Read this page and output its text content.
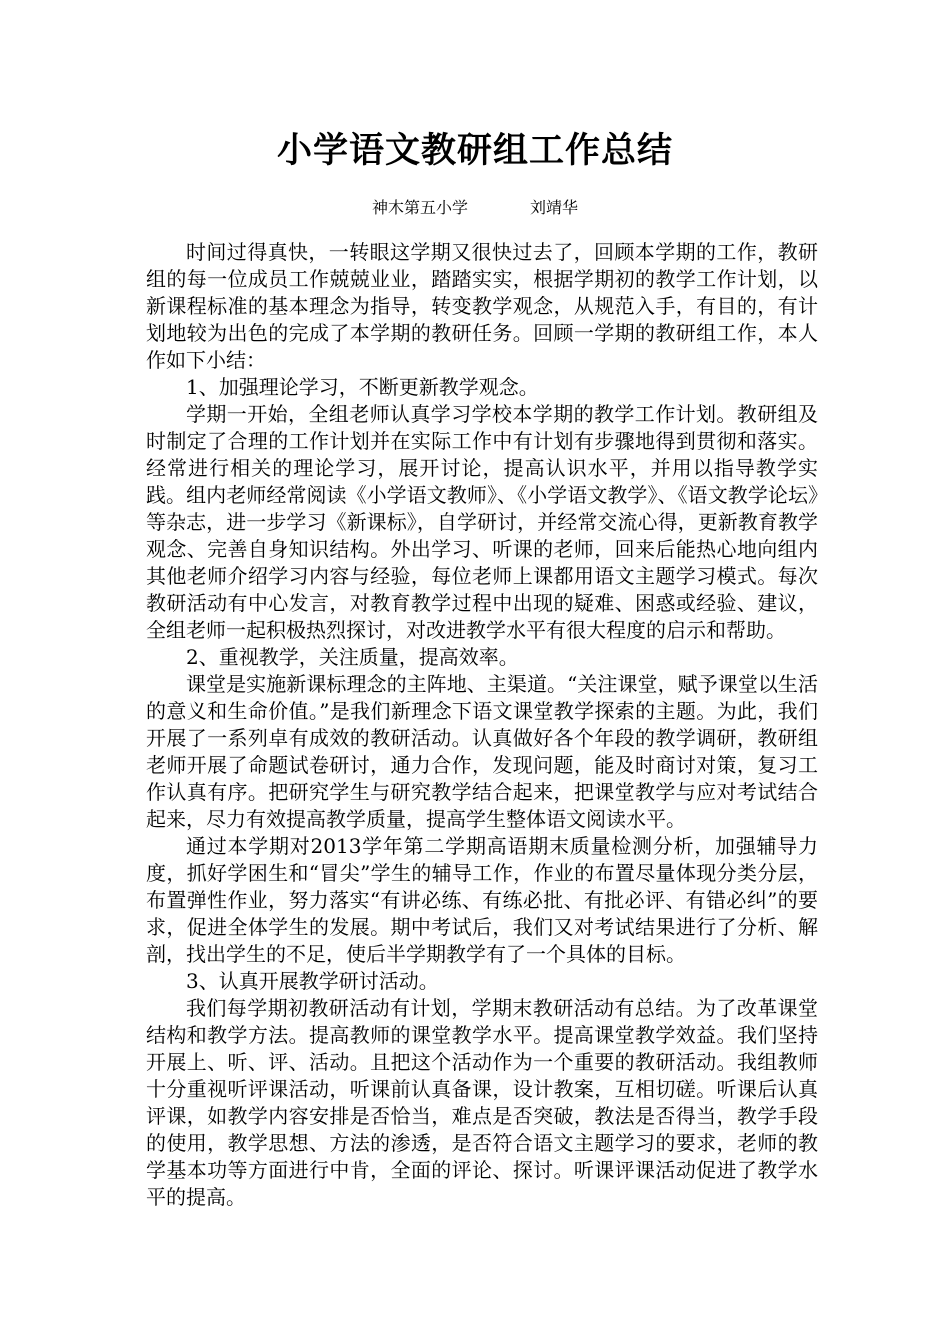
小学语文教研组工作总结
神木第五小学	刘靖华

时间过得真快，一转眼这学期又很快过去了，回顾本学期的工作，教研组的每一位成员工作兢兢业业，踏踏实实，根据学期初的教学工作计划，以新课程标准的基本理念为指导，转变教学观念，从规范入手，有目的，有计划地较为出色的完成了本学期的教研任务。回顾一学期的教研组工作，本人作如下小结：

1、加强理论学习，不断更新教学观念。

学期一开始，全组老师认真学习学校本学期的教学工作计划。教研组及时制定了合理的工作计划并在实际工作中有计划有步骤地得到贯彻和落实。经常进行相关的理论学习，展开讨论，提高认识水平，并用以指导教学实践。组内老师经常阅读《小学语文教师》、《小学语文教学》、《语文教学论坛》等杂志，进一步学习《新课标》，自学研讨，并经常交流心得，更新教育教学观念、完善自身知识结构。外出学习、听课的老师，回来后能热心地向组内其他老师介绍学习内容与经验，每位老师上课都用语文主题学习模式。每次教研活动有中心发言，对教育教学过程中出现的疑难、困惑或经验、建议，全组老师一起积极热烈探讨，对改进教学水平有很大程度的启示和帮助。

2、重视教学，关注质量，提高效率。

课堂是实施新课标理念的主阵地、主渠道。“关注课堂，赋予课堂以生活的意义和生命价值。”是我们新理念下语文课堂教学探索的主题。为此，我们开展了一系列卓有成效的教研活动。认真做好各个年段的教学调研，教研组老师开展了命题试卷研讨，通力合作，发现问题，能及时商讨对策，复习工作认真有序。把研究学生与研究教学结合起来，把课堂教学与应对考试结合起来，尽力有效提高教学质量，提高学生整体语文阅读水平。

通过本学期对2013学年第二学期高语期末质量检测分析，加强辅导力度，抓好学困生和“冒尖”学生的辅导工作，作业的布置尽量体现分类分层，布置弹性作业，努力落实“有讲必练、有练必批、有批必评、有错必纠”的要求，促进全体学生的发展。期中考试后，我们又对考试结果进行了分析、解剖，找出学生的不足，使后半学期教学有了一个具体的目标。

3、认真开展教学研讨活动。

我们每学期初教研活动有计划，学期末教研活动有总结。为了改革课堂结构和教学方法。提高教师的课堂教学水平。提高课堂教学效益。我们坚持开展上、听、评、活动。且把这个活动作为一个重要的教研活动。我组教师十分重视听评课活动，听课前认真备课，设计教案，互相切磋。听课后认真评课，如教学内容安排是否恰当，难点是否突破，教法是否得当，教学手段的使用，教学思想、方法的渗透，是否符合语文主题学习的要求，老师的教学基本功等方面进行中肯，全面的评论、探讨。听课评课活动促进了教学水平的提高。
